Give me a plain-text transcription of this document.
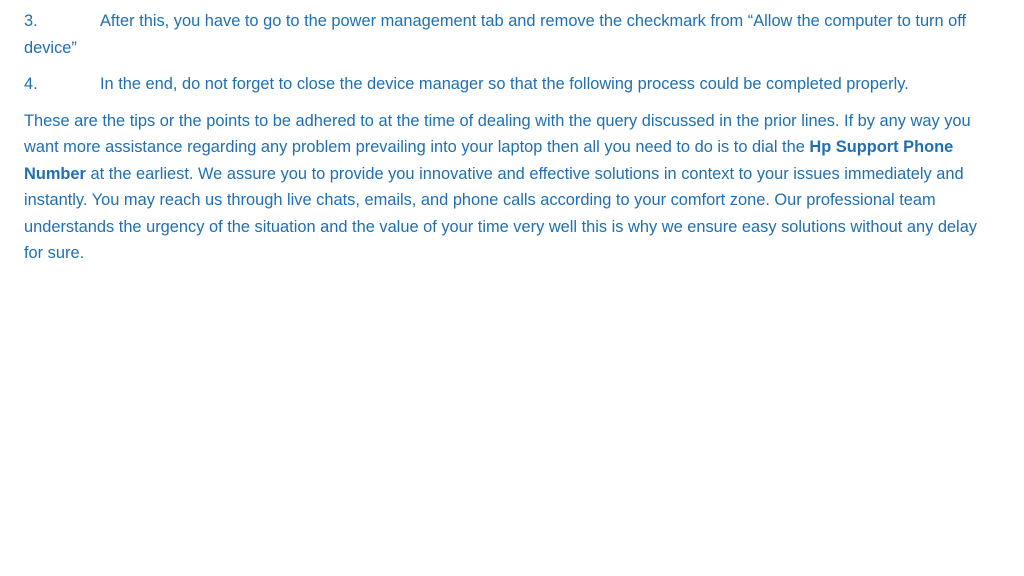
3.	After this, you have to go to the power management tab and remove the checkmark from “Allow the computer to turn off device”

4.	In the end, do not forget to close the device manager so that the following process could be completed properly.

These are the tips or the points to be adhered to at the time of dealing with the query discussed in the prior lines. If by any way you want more assistance regarding any problem prevailing into your laptop then all you need to do is to dial the Hp Support Phone Number at the earliest. We assure you to provide you innovative and effective solutions in context to your issues immediately and instantly. You may reach us through live chats, emails, and phone calls according to your comfort zone. Our professional team understands the urgency of the situation and the value of your time very well this is why we ensure easy solutions without any delay for sure.
